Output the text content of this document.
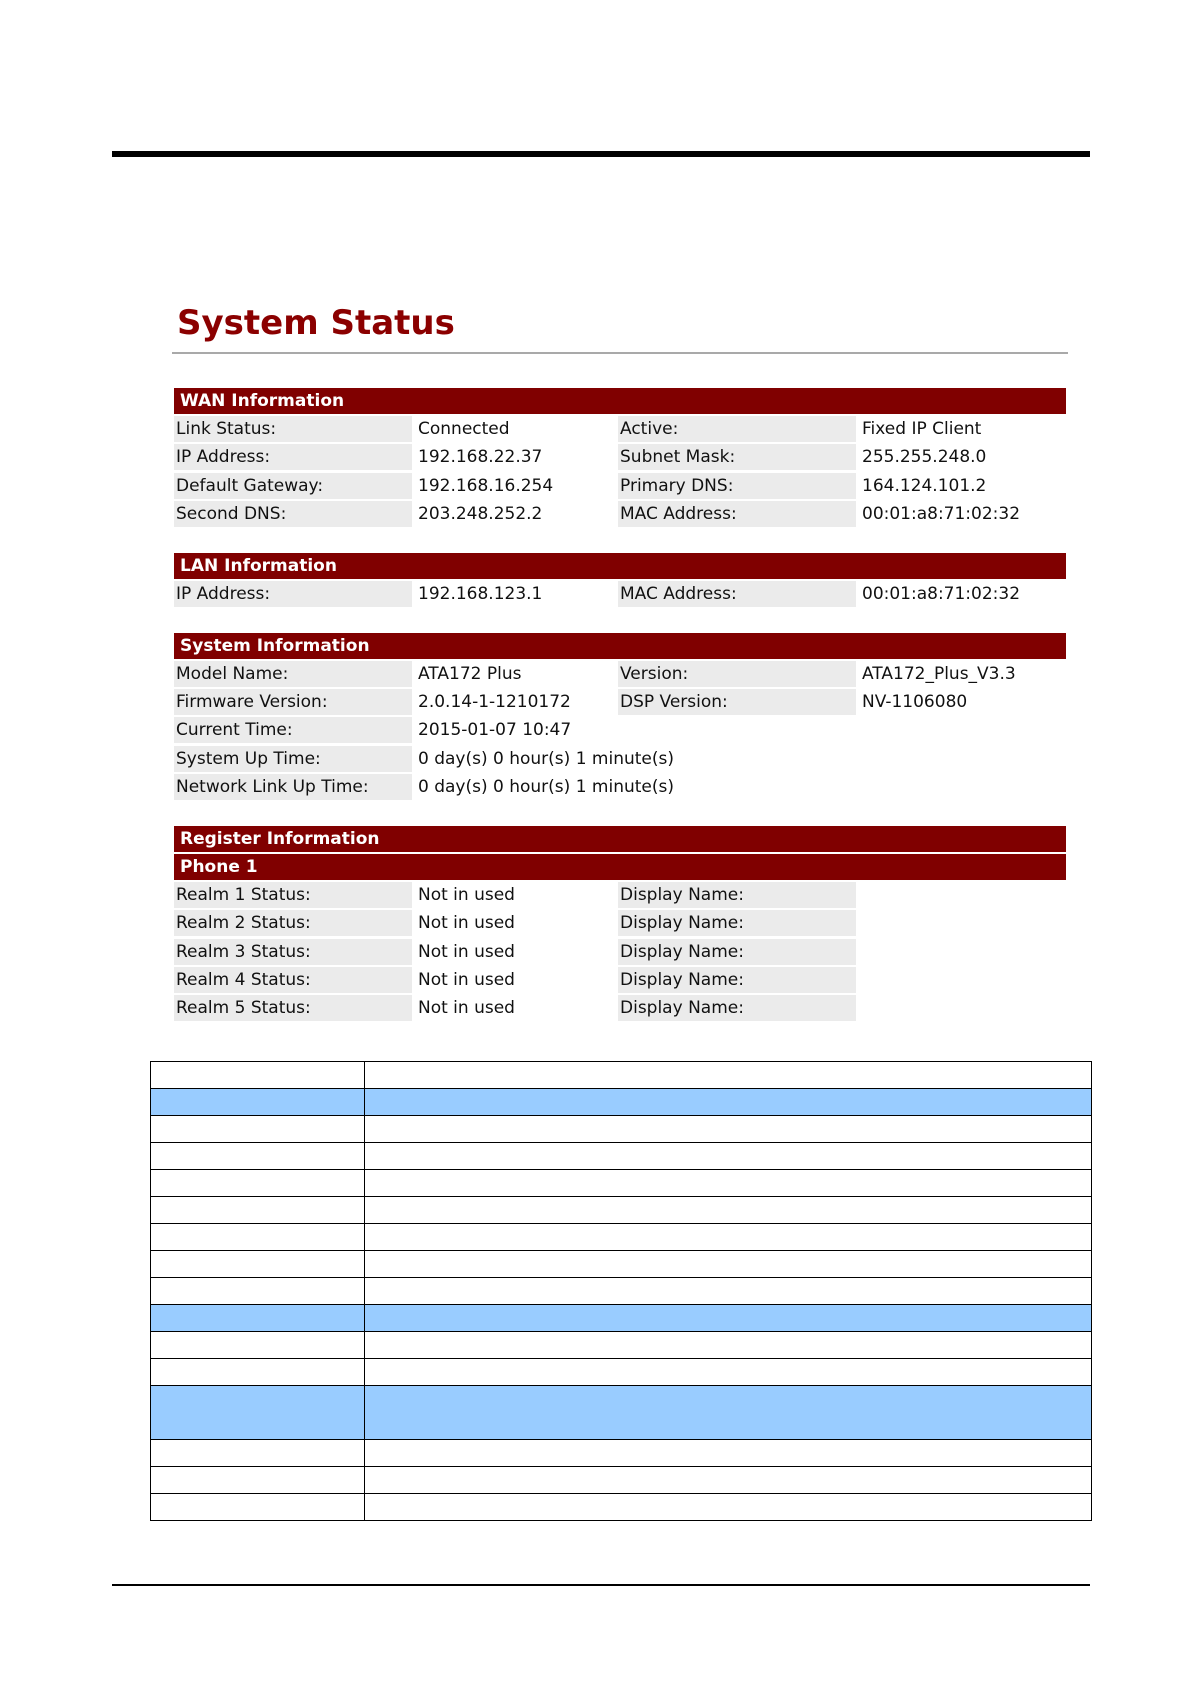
System Status
WAN Information
Link Status:	Connected	Active:	Fixed IP Client
IP Address:	192.168.22.37	Subnet Mask:	255.255.248.0
Default Gateway:	192.168.16.254	Primary DNS:	164.124.101.2
Second DNS:	203.248.252.2	MAC Address:	00:01:a8:71:02:32
LAN Information
IP Address:	192.168.123.1	MAC Address:	00:01:a8:71:02:32
System Information
Model Name:	ATA172 Plus	Version:	ATA172_Plus_V3.3
Firmware Version:	2.0.14-1-1210172	DSP Version:	NV-1106080
Current Time:	2015-01-07 10:47
System Up Time:	0 day(s) 0 hour(s) 1 minute(s)
Network Link Up Time:	0 day(s) 0 hour(s) 1 minute(s)
Register Information
Phone 1
Realm 1 Status:	Not in used	Display Name:
Realm 2 Status:	Not in used	Display Name:
Realm 3 Status:	Not in used	Display Name:
Realm 4 Status:	Not in used	Display Name:
Realm 5 Status:	Not in used	Display Name:
